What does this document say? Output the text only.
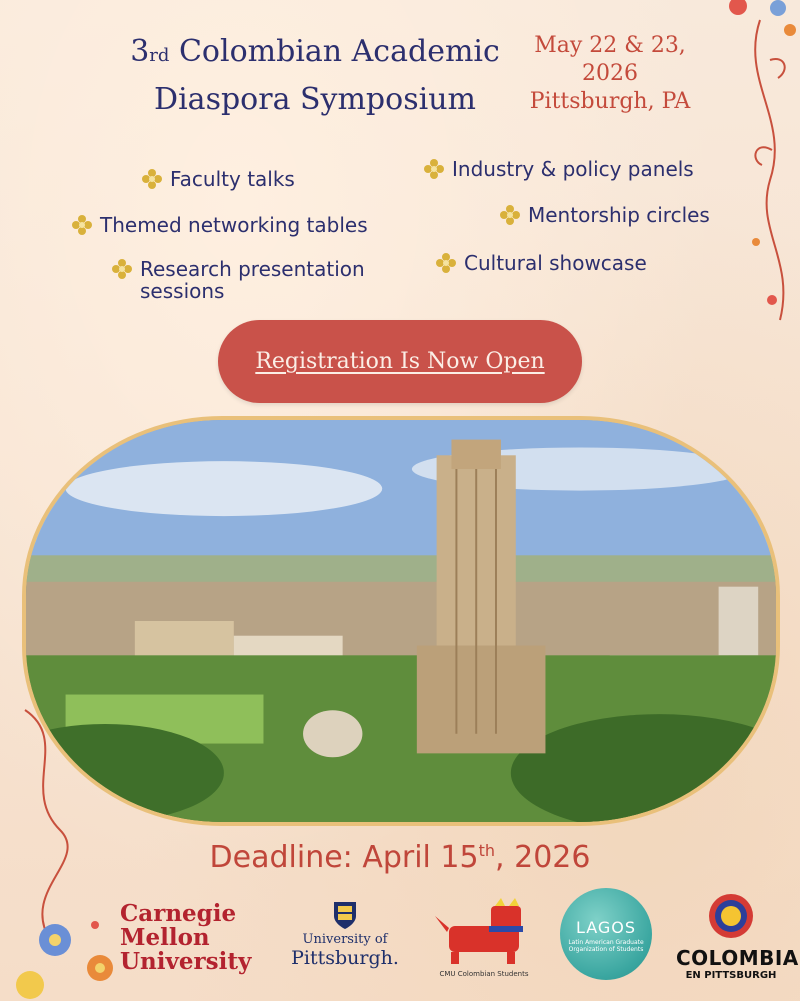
3rd Colombian Academic
Diaspora Symposium
May 22 & 23,
2026
Pittsburgh, PA
Faculty talks
Themed networking tables
Research presentation sessions
Industry & policy panels
Mentorship circles
Cultural showcase
Registration Is Now Open
Deadline: April 15th, 2026
Carnegie
Mellon
University
University of
Pittsburgh.
CMU Colombian Students
LAGOS
Latin American Graduate Organization of Students	COLOMBIA
EN PITTSBURGH
